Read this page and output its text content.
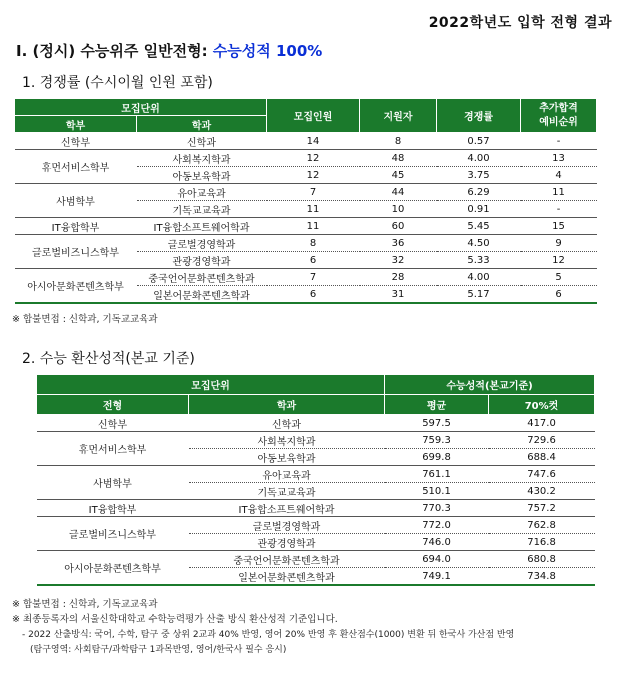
2022학년도 입학 전형 결과
Ⅰ. (정시) 수능위주 일반전형: 수능성적 100%
1. 경쟁률 (수시이월 인원 포함)
모집단위		모집인원	지원자	경쟁률	추가합격
예비순위
학부	학과				
신학부	신학과	14	8	0.57	-
휴먼서비스학부	사회복지학과	12	48	4.00	13
	아동보육학과	12	45	3.75	4
사범학부	유아교육과	7	44	6.29	11
	기독교교육과	11	10	0.91	-
IT융합학부	IT융합소프트웨어학과	11	60	5.45	15
글로벌비즈니스학부	글로벌경영학과	8	36	4.50	9
	관광경영학과	6	32	5.33	12
아시아문화콘텐츠학부	중국언어문화콘텐츠학과	7	28	4.00	5
	일본어문화콘텐츠학과	6	31	5.17	6
※ 합불면접 : 신학과, 기독교교육과
2. 수능 환산성적(본교 기준)
모집단위		수능성적(본교기준)	
전형	학과	평균	70%컷
신학부	신학과	597.5	417.0
휴먼서비스학부	사회복지학과	759.3	729.6
	아동보육학과	699.8	688.4
사범학부	유아교육과	761.1	747.6
	기독교교육과	510.1	430.2
IT융합학부	IT융합소프트웨어학과	770.3	757.2
글로벌비즈니스학부	글로벌경영학과	772.0	762.8
	관광경영학과	746.0	716.8
아시아문화콘텐츠학부	중국언어문화콘텐츠학과	694.0	680.8
	일본어문화콘텐츠학과	749.1	734.8
※ 합불면접 : 신학과, 기독교교육과
※ 최종등록자의 서울신학대학교 수학능력평가 산출 방식 환산성적 기준입니다.
- 2022 산출방식: 국어, 수학, 탐구 중 상위 2교과 40% 반영, 영어 20% 반영 후 환산점수(1000) 변환 뒤 한국사 가산점 반영
(탐구영역: 사회탐구/과학탐구 1과목반영, 영어/한국사 필수 응시)
